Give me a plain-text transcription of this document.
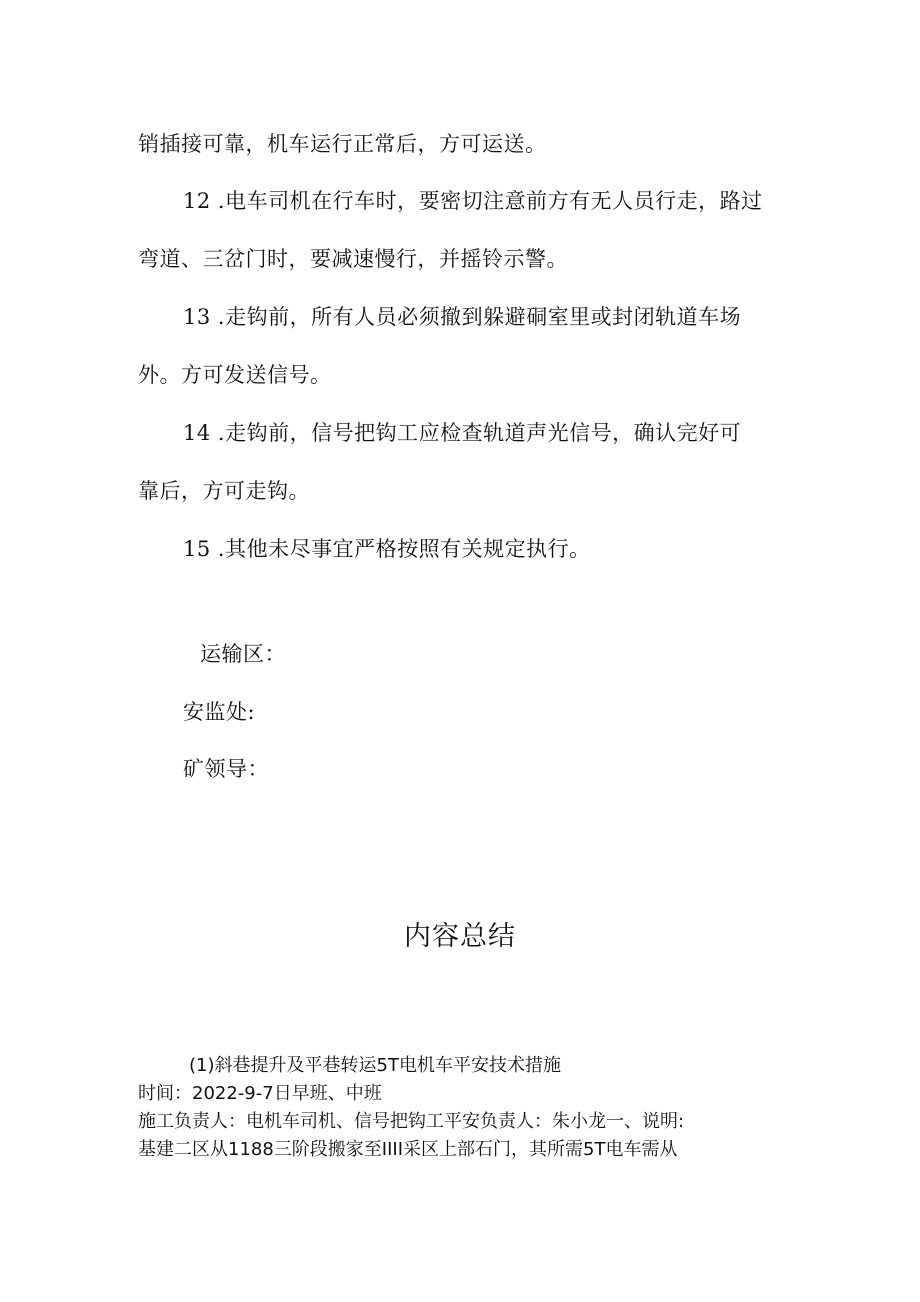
销插接可靠，机车运行正常后，方可运送。
12 .电车司机在行车时，要密切注意前方有无人员行走，路过
弯道、三岔门时，要减速慢行，并摇铃示警。
13 .走钩前，所有人员必须撤到躲避硐室里或封闭轨道车场
外。方可发送信号。
14 .走钩前，信号把钩工应检查轨道声光信号，确认完好可
靠后，方可走钩。
15 .其他未尽事宜严格按照有关规定执行。
运输区：
安监处:
矿领导：
内容总结
(1)斜巷提升及平巷转运5T电机车平安技术措施
时间：2022-9-7日早班、中班
施工负责人：电机车司机、信号把钩工平安负责人：朱小龙一、说明:
基建二区从1188三阶段搬家至IIII采区上部石门，其所需5T电车需从
